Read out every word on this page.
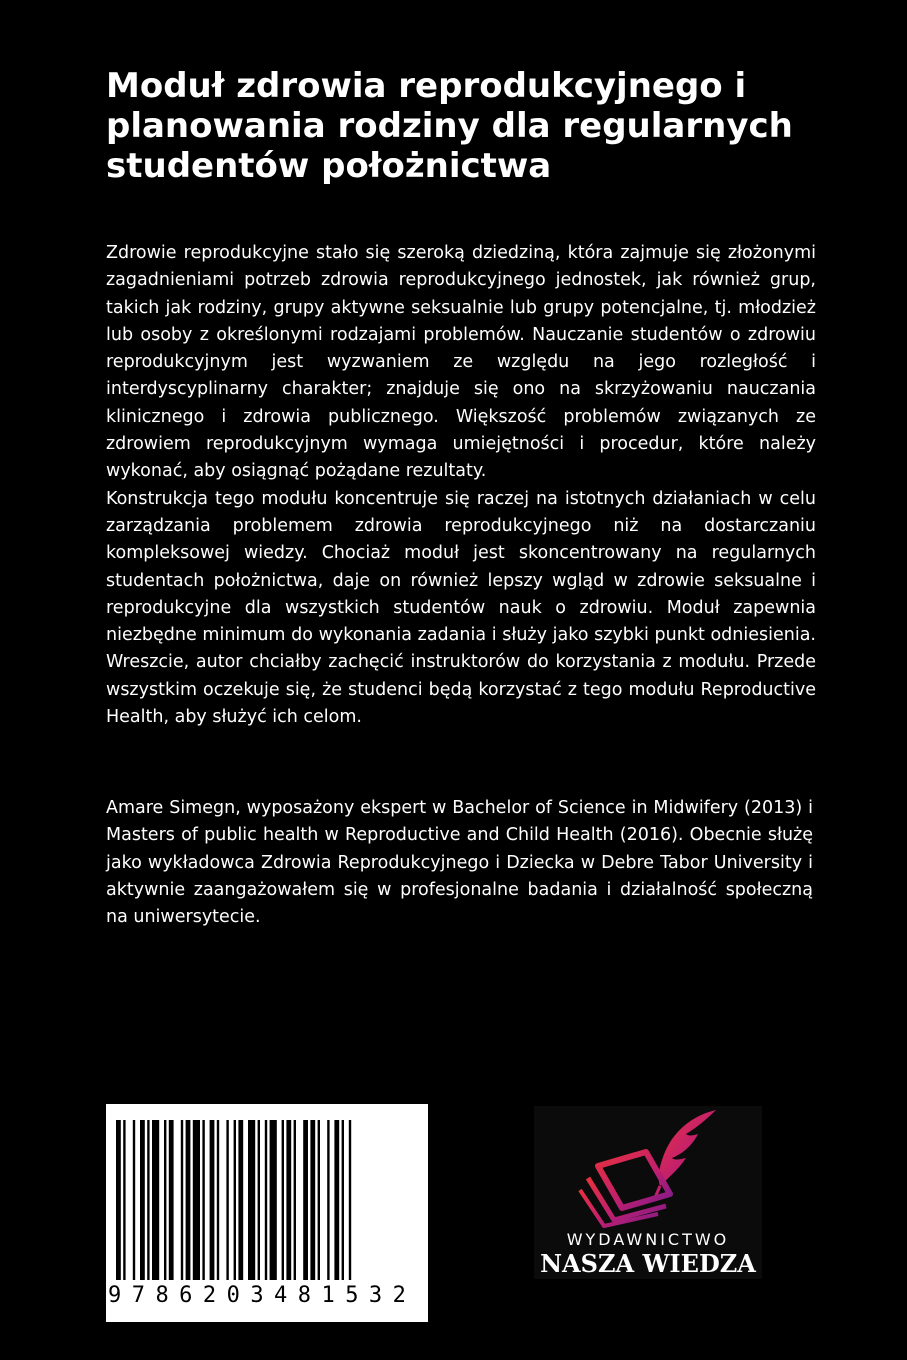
Moduł zdrowia reprodukcyjnego i planowania rodziny dla regularnych studentów położnictwa

Zdrowie reprodukcyjne stało się szeroką dziedziną, która zajmuje się złożonymi zagadnieniami potrzeb zdrowia reprodukcyjnego jednostek, jak również grup, takich jak rodziny, grupy aktywne seksualnie lub grupy potencjalne, tj. młodzież lub osoby z określonymi rodzajami problemów. Nauczanie studentów o zdrowiu reprodukcyjnym jest wyzwaniem ze względu na jego rozległość i interdyscyplinarny charakter; znajduje się ono na skrzyżowaniu nauczania klinicznego i zdrowia publicznego. Większość problemów związanych ze zdrowiem reprodukcyjnym wymaga umiejętności i procedur, które należy wykonać, aby osiągnąć pożądane rezultaty.

Konstrukcja tego modułu koncentruje się raczej na istotnych działaniach w celu zarządzania problemem zdrowia reprodukcyjnego niż na dostarczaniu kompleksowej wiedzy. Chociaż moduł jest skoncentrowany na regularnych studentach położnictwa, daje on również lepszy wgląd w zdrowie seksualne i reprodukcyjne dla wszystkich studentów nauk o zdrowiu. Moduł zapewnia niezbędne minimum do wykonania zadania i służy jako szybki punkt odniesienia. Wreszcie, autor chciałby zachęcić instruktorów do korzystania z modułu. Przede wszystkim oczekuje się, że studenci będą korzystać z tego modułu Reproductive Health, aby służyć ich celom.

Amare Simegn, wyposażony ekspert w Bachelor of Science in Midwifery (2013) i Masters of public health w Reproductive and Child Health (2016). Obecnie służę jako wykładowca Zdrowia Reprodukcyjnego i Dziecka w Debre Tabor University i aktywnie zaangażowałem się w profesjonalne badania i działalność społeczną na uniwersytecie.

9 7 8 6 2 0 3 4 8 1 5 3 2
WYDAWNICTWO
NASZA WIEDZA
